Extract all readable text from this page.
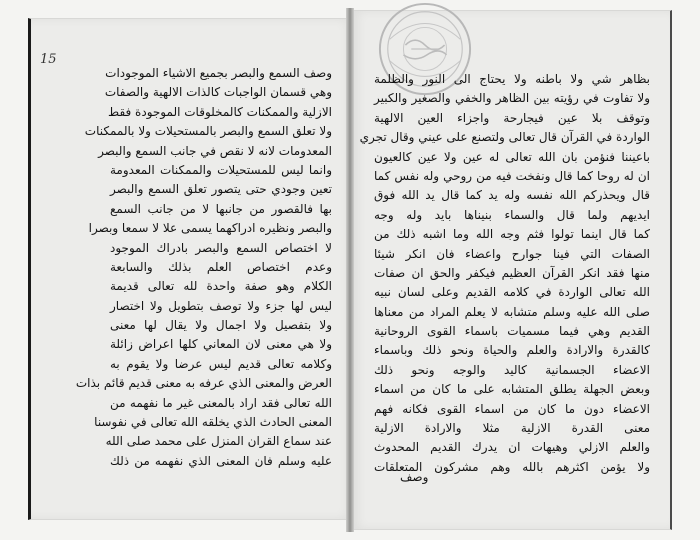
15
وصف السمع والبصر بجميع الاشياء الموجودات
وهي قسمان الواجبات كالذات الالهية والصفات
الازلية والممكنات كالمخلوقات الموجودة فقط
ولا تعلق السمع والبصر بالمستحيلات ولا بالممكنات
المعدومات لانه لا نقص في جانب السمع والبصر
وانما ليس للمستحيلات والممكنات المعدومة
تعين وجودي حتى يتصور تعلق السمع والبصر
بها فالقصور من جانبها لا من جانب السمع
والبصر ونظيره ادراكهما يسمى علا لا سمعا وبصرا
لا اختصاص السمع والبصر بادراك الموجود
وعدم اختصاص العلم بذلك والسابعة
الكلام وهو صفة واحدة لله تعالى قديمة
ليس لها جزء ولا توصف بتطويل ولا اختصار
ولا بتفصيل ولا اجمال ولا يقال لها معنى
ولا هي معنى لان المعاني كلها اعراض زائلة
وكلامه تعالى قديم ليس عرضا ولا يقوم به
العرض والمعنى الذي عرفه به معنى قديم قائم بذات
الله تعالى فقد اراد بالمعنى غير ما نفهمه من
المعنى الحادث الذي يخلقه الله تعالى في نفوسنا
عند سماع القران المنزل على محمد صلى الله
عليه وسلم فان المعنى الذي نفهمه من ذلك
بظاهر شي ولا باطنه ولا يحتاج الى النور والظلمة
ولا تفاوت في رؤيته بين الظاهر والخفي والصغير والكبير
وتوقف بلا عين فيجارحة واجزاء العين الالهية
الواردة في القرآن قال تعالى ولتصنع على عيني وقال تجري
باعيننا فنؤمن بان الله تعالى له عين ولا عين كالعيون
ان له روحا كما قال ونفخت فيه من روحي وله نفس كما
قال ويحذركم الله نفسه وله يد كما قال يد الله فوق
ايديهم ولما قال والسماء بنيناها بايد وله وجه
كما قال اينما تولوا فثم وجه الله وما اشبه ذلك من
الصفات التي فينا جوارح واعضاء فان انكر شيئا
منها فقد انكر القرآن العظيم فيكفر والحق ان صفات
الله تعالى الواردة في كلامه القديم وعلى لسان نبيه
صلى الله عليه وسلم متشابه لا يعلم المراد من معناها
القديم وهي فيما مسميات باسماء القوى الروحانية
كالقدرة والارادة والعلم والحياة ونحو ذلك وباسماء
الاعضاء الجسمانية كاليد والوجه ونحو ذلك
وبعض الجهلة يطلق المتشابه على ما كان من اسماء
الاعضاء دون ما كان من اسماء القوى فكانه فهم
معنى القدرة الازلية مثلا والارادة الازلية
والعلم الازلي وهيهات ان يدرك القديم المحدوث
ولا يؤمن اكثرهم بالله وهم مشركون المتعلقات
وصف
